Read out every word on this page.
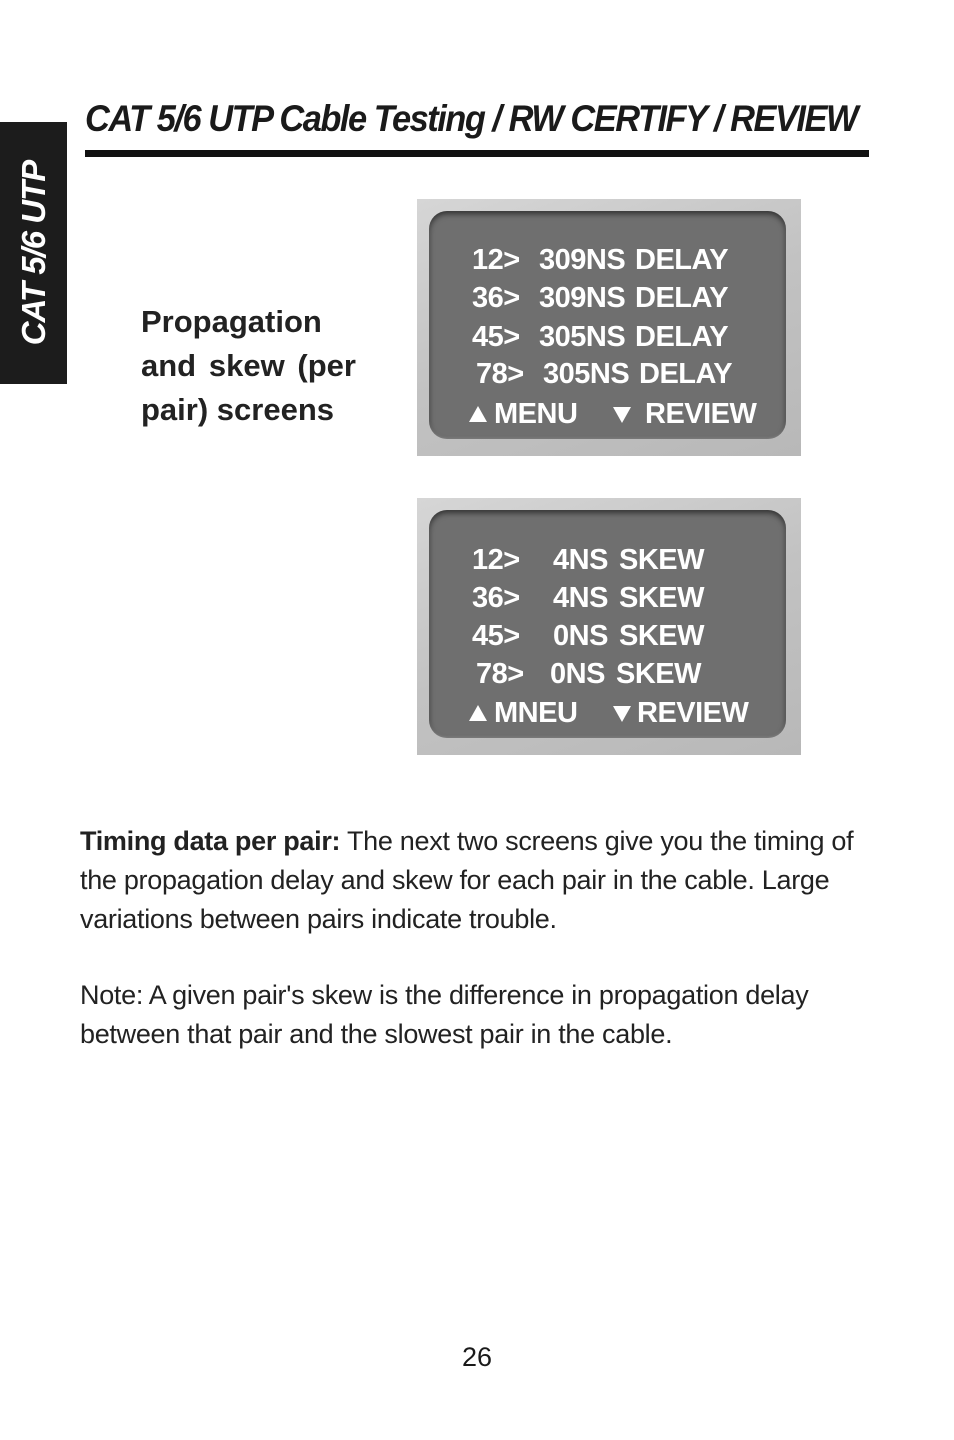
CAT 5/6 UTP
CAT 5/6 UTP Cable Testing / RW CERTIFY / REVIEW
Propagation and skew (per pair) screens
12> 309NS DELAY
36> 309NS DELAY
45> 305NS DELAY
78> 305NS DELAY
MENU REVIEW
12> 4NS SKEW
36> 4NS SKEW
45> 0NS SKEW
78> 0NS SKEW
MNEU REVIEW

Timing data per pair: The next two screens give you the timing of the propagation delay and skew for each pair in the cable. Large variations between pairs indicate trouble.

Note: A given pair's skew is the difference in propagation delay between that pair and the slowest pair in the cable.

26
